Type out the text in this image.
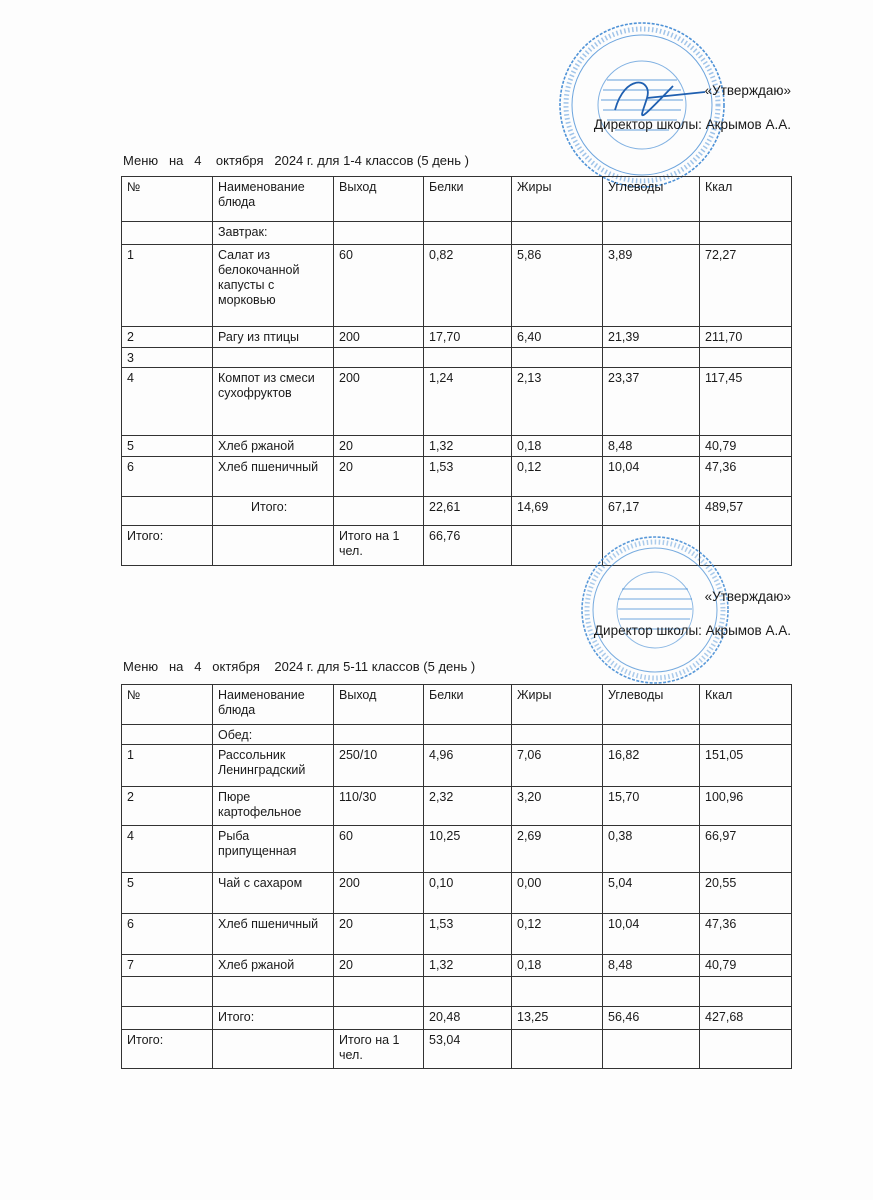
«Утверждаю»
Директор школы: Акрымов А.А.
Меню   на   4    октября   2024 г. для 1-4 классов (5 день )
№	Наименование блюда	Выход	Белки	Жиры	Углеводы	Ккал
	Завтрак:					
1	Салат из белокочанной капусты с морковью	60	0,82	5,86	3,89	72,27
2	Рагу из птицы	200	17,70	6,40	21,39	211,70
3						
4	Компот из смеси сухофруктов	200	1,24	2,13	23,37	117,45
5	Хлеб ржаной	20	1,32	0,18	8,48	40,79
6	Хлеб пшеничный	20	1,53	0,12	10,04	47,36
	Итого:		22,61	14,69	67,17	489,57
Итого:		Итого на 1 чел.	66,76			
«Утверждаю»
Директор школы: Акрымов А.А.
Меню   на   4   октября    2024 г. для 5-11 классов (5 день )
№	Наименование блюда	Выход	Белки	Жиры	Углеводы	Ккал
	Обед:					
1	Рассольник Ленинградский	250/10	4,96	7,06	16,82	151,05
2	Пюре картофельное	110/30	2,32	3,20	15,70	100,96
4	Рыба припущенная	60	10,25	2,69	0,38	66,97
5	Чай с сахаром	200	0,10	0,00	5,04	20,55
6	Хлеб пшеничный	20	1,53	0,12	10,04	47,36
7	Хлеб ржаной	20	1,32	0,18	8,48	40,79

	Итого:		20,48	13,25	56,46	427,68
Итого:		Итого на 1 чел.	53,04			
